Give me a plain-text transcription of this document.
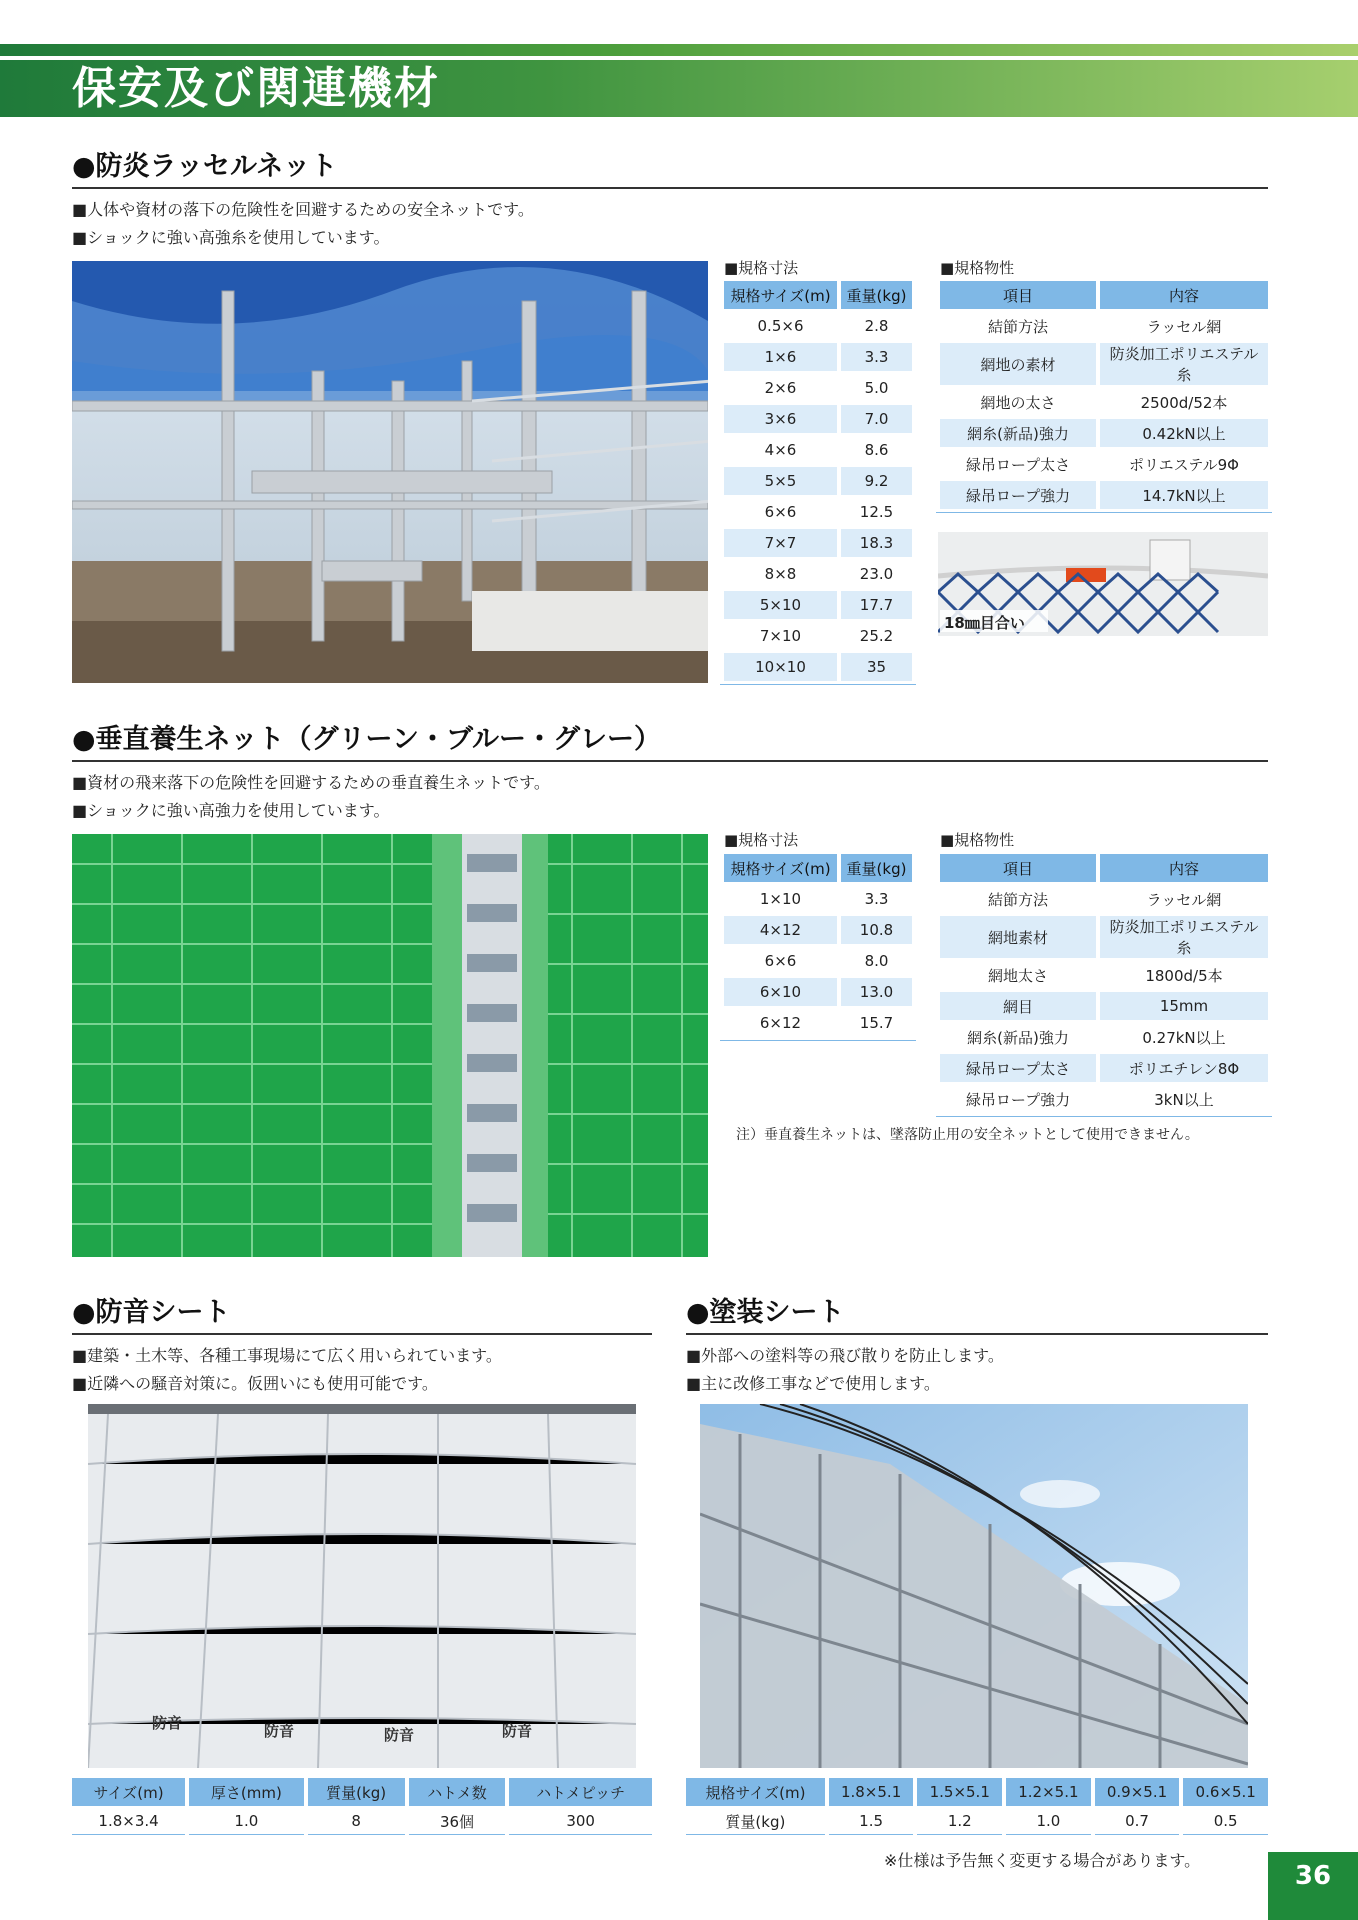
保安及び関連機材
●防炎ラッセルネット
■人体や資材の落下の危険性を回避するための安全ネットです。
■ショックに強い高強糸を使用しています。
■規格寸法
規格サイズ(m)	重量(kg)
0.5×6	2.8
1×6	3.3
2×6	5.0
3×6	7.0
4×6	8.6
5×5	9.2
6×6	12.5
7×7	18.3
8×8	23.0
5×10	17.7
7×10	25.2
10×10	35
■規格物性
項目	内容
結節方法	ラッセル網
網地の素材	防炎加工ポリエステル糸
網地の太さ	2500d/52本
網糸(新品)強力	0.42kN以上
緑吊ロープ太さ	ポリエステル9Φ
緑吊ロープ強力	14.7kN以上
18㎜目合い
●垂直養生ネット（グリーン・ブルー・グレー）
■資材の飛来落下の危険性を回避するための垂直養生ネットです。
■ショックに強い高強力を使用しています。
■規格寸法
規格サイズ(m)	重量(kg)
1×10	3.3
4×12	10.8
6×6	8.0
6×10	13.0
6×12	15.7
■規格物性
項目	内容
結節方法	ラッセル網
網地素材	防炎加工ポリエステル糸
網地太さ	1800d/5本
網目	15mm
網糸(新品)強力	0.27kN以上
緑吊ロープ太さ	ポリエチレン8Φ
緑吊ロープ強力	3kN以上
注）垂直養生ネットは、墜落防止用の安全ネットとして使用できません。
●防音シート
■建築・土木等、各種工事現場にて広く用いられています。
■近隣への騒音対策に。仮囲いにも使用可能です。
防音	防音	防音	防音
サイズ(m)	厚さ(mm)	質量(kg)	ハトメ数	ハトメピッチ
1.8×3.4	1.0	8	36個	300
●塗装シート
■外部への塗料等の飛び散りを防止します。
■主に改修工事などで使用します。
規格サイズ(m)	1.8×5.1	1.5×5.1	1.2×5.1	0.9×5.1	0.6×5.1
質量(kg)	1.5	1.2	1.0	0.7	0.5
※仕様は予告無く変更する場合があります。
36
